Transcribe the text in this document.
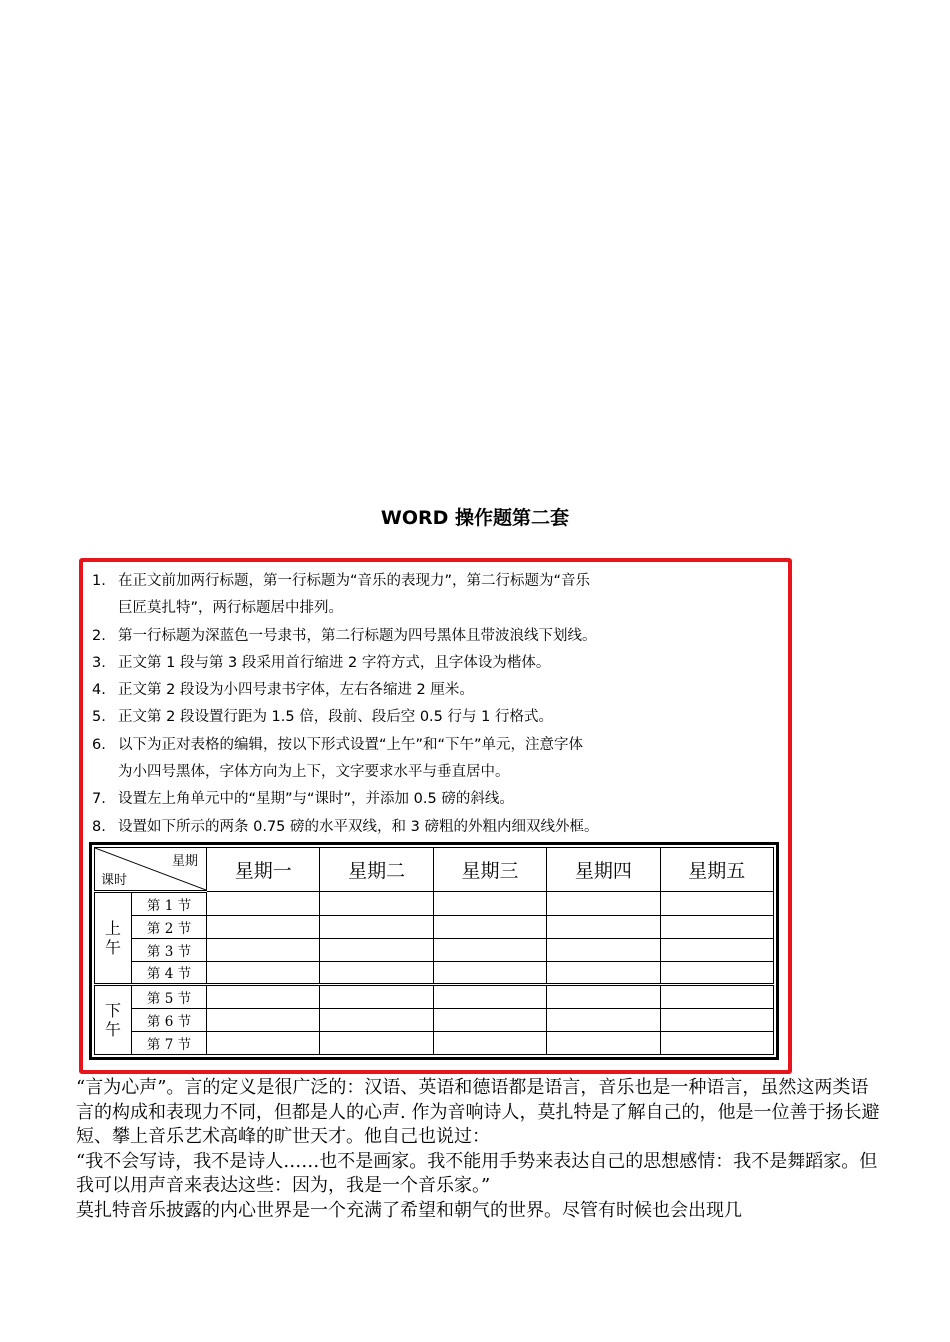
WORD 操作题第二套
1. 在正文前加两行标题，第一行标题为“音乐的表现力”，第二行标题为“音乐
巨匠莫扎特”，两行标题居中排列。
2. 第一行标题为深蓝色一号隶书，第二行标题为四号黑体且带波浪线下划线。
3. 正文第 1 段与第 3 段采用首行缩进 2 字符方式，且字体设为楷体。
4. 正文第 2 段设为小四号隶书字体，左右各缩进 2 厘米。
5. 正文第 2 段设置行距为 1.5 倍，段前、段后空 0.5 行与 1 行格式。
6. 以下为正对表格的编辑，按以下形式设置“上午”和“下午”单元，注意字体
为小四号黑体，字体方向为上下，文字要求水平与垂直居中。
7. 设置左上角单元中的“星期”与“课时”，并添加 0.5 磅的斜线。
8. 设置如下所示的两条 0.75 磅的水平双线，和 3 磅粗的外粗内细双线外框。
星期
课时		星期一	星期二	星期三	星期四	星期五

上
午	第 1 节					
	第 2 节					
	第 3 节					
	第 4 节					

下
午	第 5 节					
	第 6 节					
	第 7 节					

“言为心声”。言的定义是很广泛的：汉语、英语和德语都是语言，音乐也是一种语言，虽然这两类语言的构成和表现力不同，但都是人的心声. 作为音响诗人，莫扎特是了解自己的，他是一位善于扬长避短、攀上音乐艺术高峰的旷世天才。他自己也说过：

“我不会写诗，我不是诗人……也不是画家。我不能用手势来表达自己的思想感情：我不是舞蹈家。但我可以用声音来表达这些：因为，我是一个音乐家。”

莫扎特音乐披露的内心世界是一个充满了希望和朝气的世界。尽管有时候也会出现几
